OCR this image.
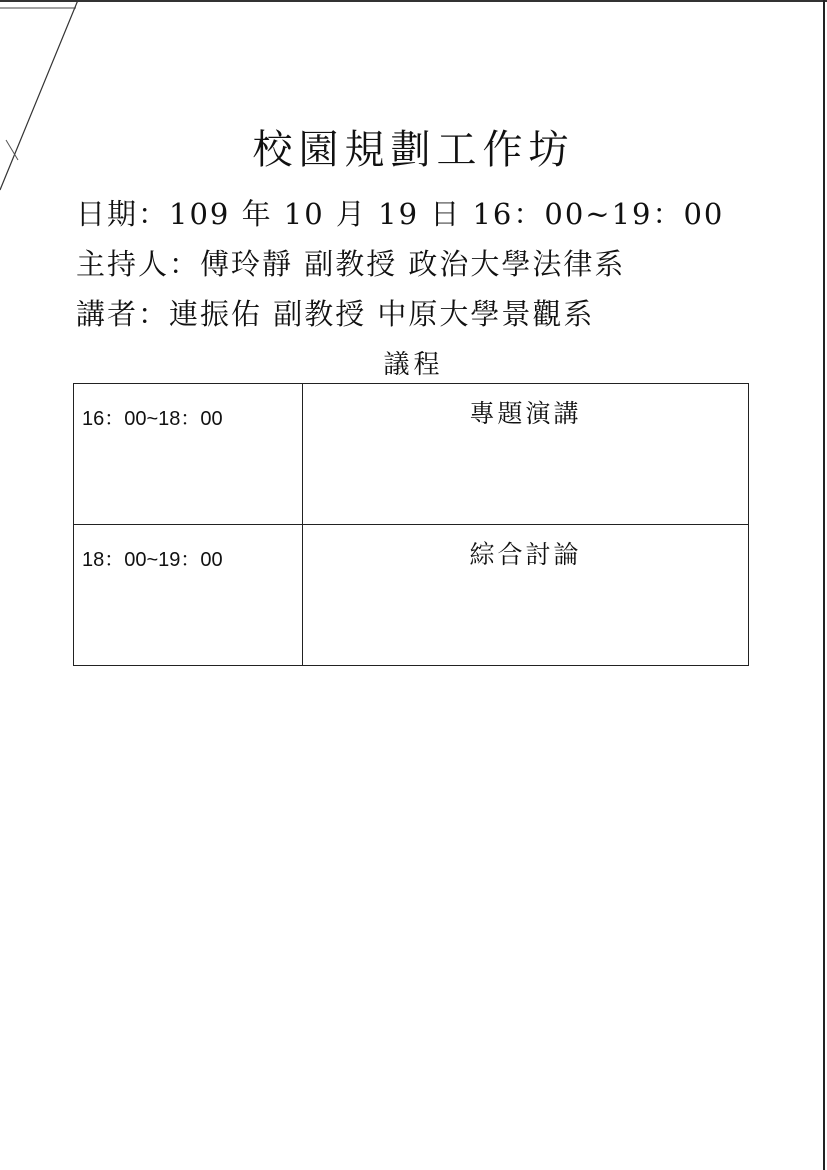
校園規劃工作坊
日期：109 年 10 月 19 日 16：00~19：00
主持人：傅玲靜 副教授 政治大學法律系
講者：連振佑 副教授 中原大學景觀系
議程
16：00~18：00	專題演講

18：00~19：00	綜合討論
